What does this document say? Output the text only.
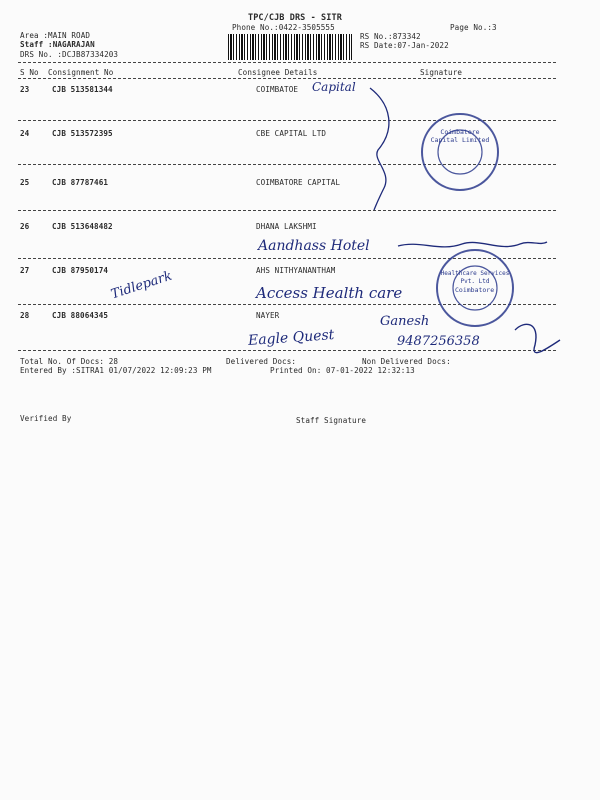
TPC/CJB DRS - SITR
Phone No.:0422-3505555	Page No.:3
Area :MAIN ROAD
Staff :NAGARAJAN
RS No.:873342
DRS No. :DCJB87334203
RS Date:07-Jan-2022
S No Consignment No	Consignee Details	Signature
23	CJB 513581344	COIMBATOE Capital
24	CJB 513572395	CBE CAPITAL LTD
25	CJB 87787461	COIMBATORE CAPITAL
26	CJB 513648482	DHANA LAKSHMI
Aandhass Hotel
27	CJB 87950174	AHS NITHYANANTHAM
Tidlepark	Access Health care
28	CJB 88064345	NAYER
Eagle Quest
Ganesh
9487256358
Coimbatore Capital Limited
Healthcare Services Pvt. Ltd
Coimbatore
Total No. Of Docs: 28	Delivered Docs:	Non Delivered Docs:
Entered By :SITRA1 01/07/2022 12:09:23 PM	Printed On: 07-01-2022 12:32:13
Verified By	Staff Signature
